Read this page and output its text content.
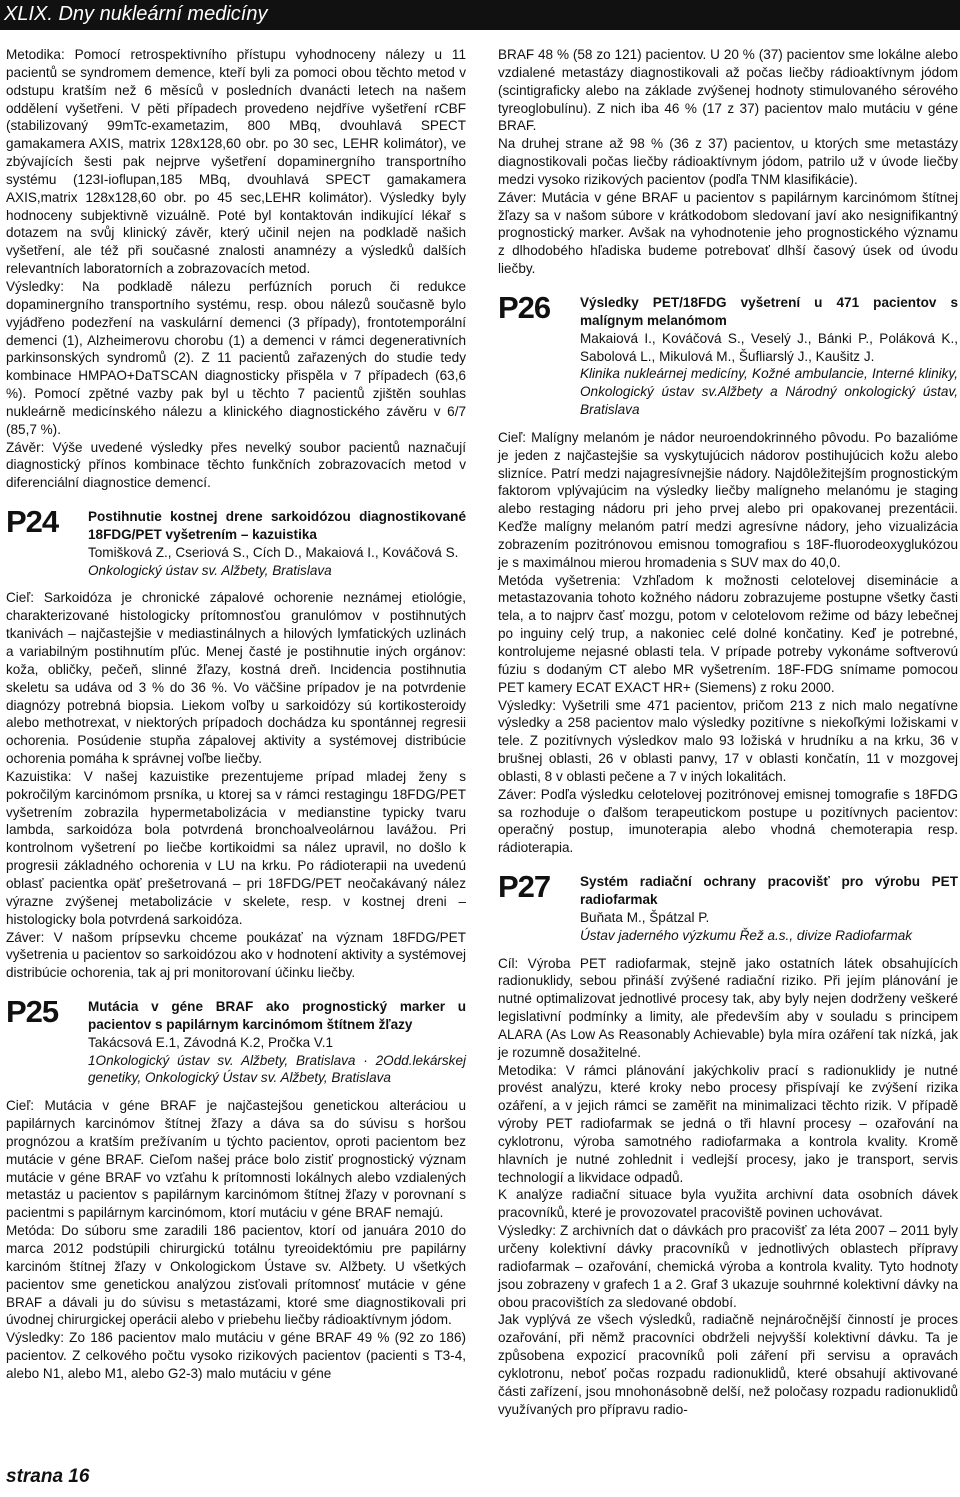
XLIX. Dny nukleární medicíny

Metodika: Pomocí retrospektivního přístupu vyhodnoceny nálezy u 11 pacientů se syndromem demence, kteří byli za pomoci obou těchto metod v odstupu kratším než 6 měsíců v posledních dvanácti letech na našem oddělení vyšetřeni. V pěti případech provedeno nejdříve vyšetření rCBF (stabilizovaný 99mTc-exametazim, 800 MBq, dvouhlavá SPECT gamakamera AXIS, matrix 128x128,60 obr. po 30 sec, LEHR kolimátor), ve zbývajících šesti pak nejprve vyšetření dopaminergního transportního systému (123I-ioflupan,185 MBq, dvouhlavá SPECT gamakamera AXIS,matrix 128x128,60 obr. po 45 sec,LEHR kolimátor). Výsledky byly hodnoceny subjektivně vizuálně. Poté byl kontaktován indikující lékař s dotazem na svůj klinický závěr, který učinil nejen na podkladě našich vyšetření, ale též při současné znalosti anamnézy a výsledků dalších relevantních laboratorních a zobrazovacích metod.

Výsledky: Na podkladě nálezu perfúzních poruch či redukce dopaminergního transportního systému, resp. obou nálezů současně bylo vyjádřeno podezření na vaskulární demenci (3 případy), frontotemporální demenci (1), Alzheimerovu chorobu (1) a demenci v rámci degenerativních parkinsonských syndromů (2). Z 11 pacientů zařazených do studie tedy kombinace HMPAO+DaTSCAN diagnosticky přispěla v 7 případech (63,6 %). Pomocí zpětné vazby pak byl u těchto 7 pacientů zjištěn souhlas nukleárně medicínského nálezu a klinického diagnostického závěru v 6/7 (85,7 %).

Závěr: Výše uvedené výsledky přes nevelký soubor pacientů naznačují diagnostický přínos kombinace těchto funkčních zobrazovacích metod v diferenciální diagnostice demencí.

P24 Postihnutie kostnej drene sarkoidózou diagnostikované 18FDG/PET vyšetrením – kazuistika
Tomišková Z., Cseriová S., Cích D., Makaiová I., Kováčová S.
Onkologický ústav sv. Alžbety, Bratislava

Cieľ: Sarkoidóza je chronické zápalové ochorenie neznámej etiológie, charakterizované histologicky prítomnosťou granulómov v postihnutých tkanivách – najčastejšie v mediastinálnych a hilových lymfatických uzlinách a variabilným postihnutím pľúc. Menej časté je postihnutie iných orgánov: koža, obličky, pečeň, slinné žľazy, kostná dreň. Incidencia postihnutia skeletu sa udáva od 3 % do 36 %. Vo väčšine prípadov je na potvrdenie diagnózy potrebná biopsia. Liekom voľby u sarkoidózy sú kortikosteroidy alebo methotrexat, v niektorých prípadoch dochádza ku spontánnej regresii ochorenia. Posúdenie stupňa zápalovej aktivity a systémovej distribúcie ochorenia pomáha k správnej voľbe liečby.

Kazuistika: V našej kazuistike prezentujeme prípad mladej ženy s pokročilým karcinómom prsníka, u ktorej sa v rámci restagingu 18FDG/PET vyšetrením zobrazila hypermetabolizácia v medianstine typicky tvaru lambda, sarkoidóza bola potvrdená bronchoalveolárnou lavážou. Pri kontrolnom vyšetrení po liečbe kortikoidmi sa nález upravil, no došlo k progresii základného ochorenia v LU na krku. Po rádioterapii na uvedenú oblasť pacientka opäť prešetrovaná – pri 18FDG/PET neočakávaný nález výrazne zvýšenej metabolizácie v skelete, resp. v kostnej dreni – histologicky bola potvrdená sarkoidóza.

Záver: V našom prípsevku chceme poukázať na význam 18FDG/PET vyšetrenia u pacientov so sarkoidózou ako v hodnotení aktivity a systémovej distribúcie ochorenia, tak aj pri monitorovaní účinku liečby.

P25 Mutácia v géne BRAF ako prognostický marker u pacientov s papilárnym karcinómom štítnem žľazy
Takácsová E.1, Závodná K.2, Pročka V.1
1Onkologický ústav sv. Alžbety, Bratislava · 2Odd.lekárskej genetiky, Onkologický Ústav sv. Alžbety, Bratislava

Cieľ: Mutácia v géne BRAF je najčastejšou genetickou alteráciou u papilárnych karcinómov štítnej žľazy a dáva sa do súvisu s horšou prognózou a kratším prežívaním u týchto pacientov, oproti pacientom bez mutácie v géne BRAF. Cieľom našej práce bolo zistiť prognostický význam mutácie v géne BRAF vo vzťahu k prítomnosti lokálnych alebo vzdialených metastáz u pacientov s papilárnym karcinómom štítnej žľazy v porovnaní s pacientmi s papilárnym karcinómom, ktorí mutáciu v géne BRAF nemajú.

Metóda: Do súboru sme zaradili 186 pacientov, ktorí od januára 2010 do marca 2012 podstúpili chirurgickú totálnu tyreoidektómiu pre papilárny karcinóm štítnej žľazy v Onkologickom Ústave sv. Alžbety. U všetkých pacientov sme genetickou analýzou zisťovali prítomnosť mutácie v géne BRAF a dávali ju do súvisu s metastázami, ktoré sme diagnostikovali pri úvodnej chirurgickej operácii alebo v priebehu liečby rádioaktívnym jódom.

Výsledky: Zo 186 pacientov malo mutáciu v géne BRAF 49 % (92 zo 186) pacientov. Z celkového počtu vysoko rizikových pacientov (pacienti s T3-4, alebo N1, alebo M1, alebo G2-3) malo mutáciu v géne

BRAF 48 % (58 zo 121) pacientov. U 20 % (37) pacientov sme lokálne alebo vzdialené metastázy diagnostikovali až počas liečby rádioaktívnym jódom (scintigraficky alebo na základe zvýšenej hodnoty stimulovaného sérového tyreoglobulínu). Z nich iba 46 % (17 z 37) pacientov malo mutáciu v géne BRAF.

Na druhej strane až 98 % (36 z 37) pacientov, u ktorých sme metastázy diagnostikovali počas liečby rádioaktívnym jódom, patrilo už v úvode liečby medzi vysoko rizikových pacientov (podľa TNM klasifikácie).

Záver: Mutácia v géne BRAF u pacientov s papilárnym karcinómom štítnej žľazy sa v našom súbore v krátkodobom sledovaní javí ako nesignifikantný prognostický marker. Avšak na vyhodnotenie jeho prognostického významu z dlhodobého hľadiska budeme potrebovať dlhší časový úsek od úvodu liečby.

P26 Výsledky PET/18FDG vyšetrení u 471 pacientov s malígnym melanómom
Makaiová I., Kováčová S., Veselý J., Bánki P., Poláková K., Sabolová L., Mikulová M., Šufliarslý J., Kaušitz J.
Klinika nukleárnej medicíny, Kožné ambulancie, Interné kliniky, Onkologický ústav sv.Alžbety a Národný onkologický ústav, Bratislava

Cieľ: Malígny melanóm je nádor neuroendokrinného pôvodu. Po bazalióme je jeden z najčastejšie sa vyskytujúcich nádorov postihujúcich kožu alebo slizníce. Patrí medzi najagresívnejšie nádory. Najdôležitejším prognostickým faktorom vplývajúcim na výsledky liečby malígneho melanómu je staging alebo restaging nádoru pri jeho prvej alebo pri opakovanej prezentácii. Keďže malígny melanóm patrí medzi agresívne nádory, jeho vizualizácia zobrazením pozitrónovou emisnou tomografiou s 18F-fluorodeoxyglukózou je s maximálnou mierou hromadenia s SUV max do 40,0.

Metóda vyšetrenia: Vzhľadom k možnosti celotelovej diseminácie a metastazovania tohoto kožného nádoru zobrazujeme postupne všetky časti tela, a to najprv časť mozgu, potom v celotelovom režime od bázy lebečnej po inguiny celý trup, a nakoniec celé dolné končatiny. Keď je potrebné, kontrolujeme nejasné oblasti tela. V prípade potreby vykonáme softverovú fúziu s dodaným CT alebo MR vyšetrením. 18F-FDG snímame pomocou PET kamery ECAT EXACT HR+ (Siemens) z roku 2000.

Výsledky: Vyšetrili sme 471 pacientov, pričom 213 z nich malo negatívne výsledky a 258 pacientov malo výsledky pozitívne s niekoľkými ložiskami v tele. Z pozitívnych výsledkov malo 93 ložiská v hrudníku a na krku, 36 v brušnej oblasti, 26 v oblasti panvy, 17 v oblasti končatín, 11 v mozgovej oblasti, 8 v oblasti pečene a 7 v iných lokalitách.

Záver: Podľa výsledku celotelovej pozitrónovej emisnej tomografie s 18FDG sa rozhoduje o ďalšom terapeutickom postupe u pozitívnych pacientov: operačný postup, imunoterapia alebo vhodná chemoterapia resp. rádioterapia.

P27 Systém radiační ochrany pracovišť pro výrobu PET radiofarmak
Buňata M., Špátzal P.
Ústav jaderného výzkumu Řež a.s., divize Radiofarmak

Cíl: Výroba PET radiofarmak, stejně jako ostatních látek obsahujících radionuklidy, sebou přináší zvýšené radiační riziko. Při jejím plánování je nutné optimalizovat jednotlivé procesy tak, aby byly nejen dodrženy veškeré legislativní podmínky a limity, ale především aby v souladu s principem ALARA (As Low As Reasonably Achievable) byla míra ozáření tak nízká, jak je rozumně dosažitelné.

Metodika: V rámci plánování jakýchkoliv prací s radionuklidy je nutné provést analýzu, které kroky nebo procesy přispívají ke zvýšení rizika ozáření, a v jejich rámci se zaměřit na minimalizaci těchto rizik. V případě výroby PET radiofarmak se jedná o tři hlavní procesy – ozařování na cyklotronu, výroba samotného radiofarmaka a kontrola kvality. Kromě hlavních je nutné zohlednit i vedlejší procesy, jako je transport, servis technologií a likvidace odpadů.

K analýze radiační situace byla využita archivní data osobních dávek pracovníků, které je provozovatel pracoviště povinen uchovávat.

Výsledky: Z archivních dat o dávkách pro pracovišť za léta 2007 – 2011 byly určeny kolektivní dávky pracovníků v jednotlivých oblastech přípravy radiofarmak – ozařování, chemická výroba a kontrola kvality. Tyto hodnoty jsou zobrazeny v grafech 1 a 2. Graf 3 ukazuje souhrnné kolektivní dávky na obou pracovištích za sledované období.

Jak vyplývá ze všech výsledků, radiačně nejnáročnější činností je proces ozařování, při němž pracovníci obdrželi nejvyšší kolektivní dávku. Ta je způsobena expozicí pracovníků poli záření při servisu a opravách cyklotronu, neboť počas rozpadu radionuklidů, které obsahují aktivované části zařízení, jsou mnohonásobně delší, než poločasy rozpadu radionuklidů využívaných pro přípravu radio-

strana 16
